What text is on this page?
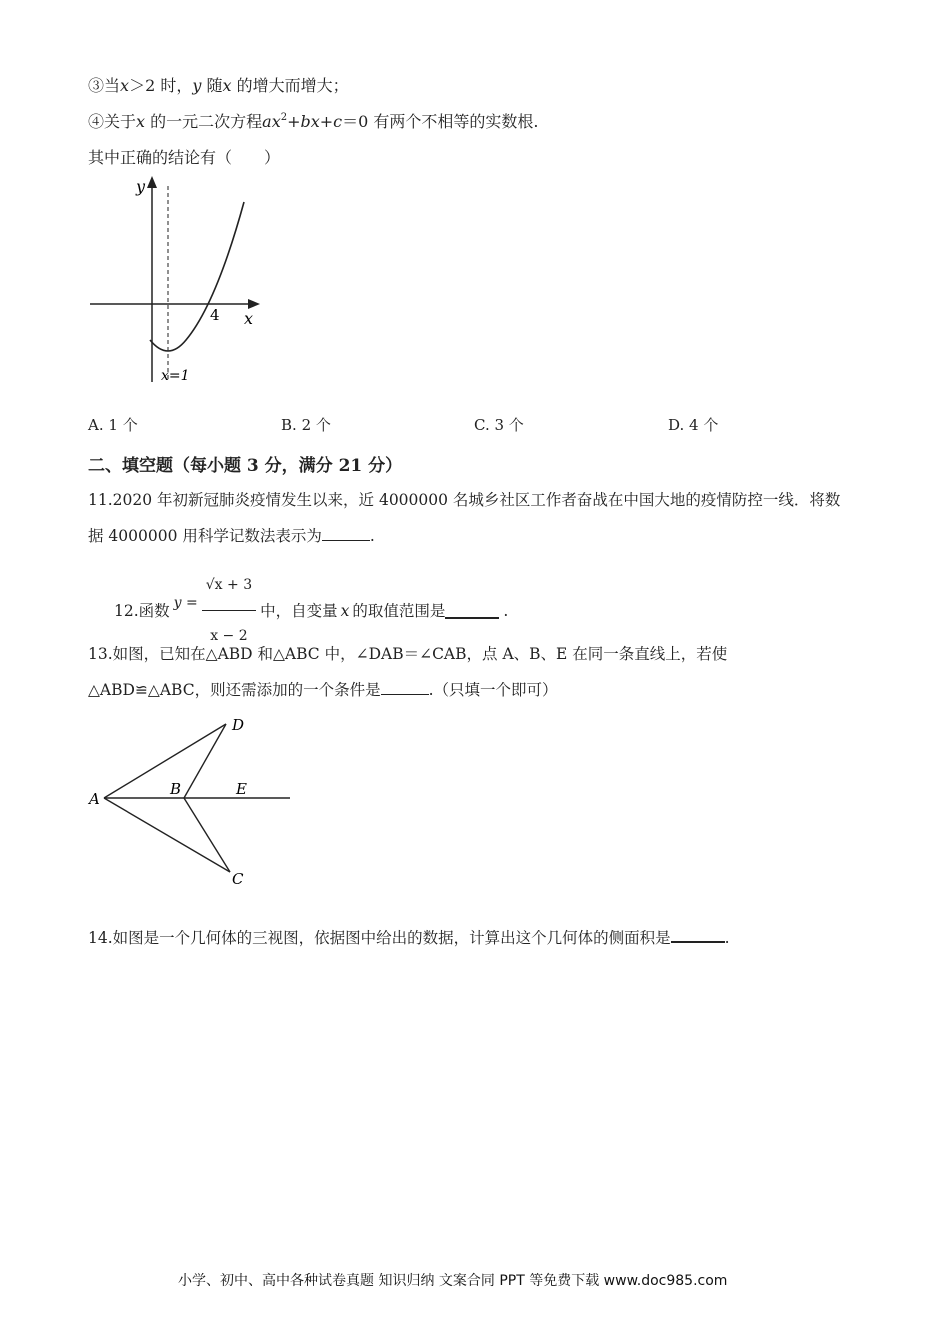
③当x＞2 时，y 随x 的增大而增大；
④关于x 的一元二次方程$ax^2+bx+c=0$ 有两个不相等的实数根.
其中正确的结论有（　　）
y
x
4
x=1
A. 1 个	B. 2 个	C. 3 个	D. 4 个
二、填空题（每小题 3 分，满分 21 分）
11.2020 年初新冠肺炎疫情发生以来，近 4000000 名城乡社区工作者奋战在中国大地的疫情防控一线．将数
据 4000000 用科学记数法表示为	.
12.函数 $y = \frac{√x + 3}{x - 2}$ 中，自变量 x 的取值范围是	.
13.如图，已知在△ABD 和△ABC 中，∠DAB＝∠CAB，点 A、B、E 在同一条直线上，若使
△ABD≌△ABC，则还需添加的一个条件是	.（只填一个即可）
A
B
C
D
E
14.如图是一个几何体的三视图，依据图中给出的数据，计算出这个几何体的侧面积是	.
小学、初中、高中各种试卷真题 知识归纳 文案合同 PPT 等免费下载 www.doc985.com
